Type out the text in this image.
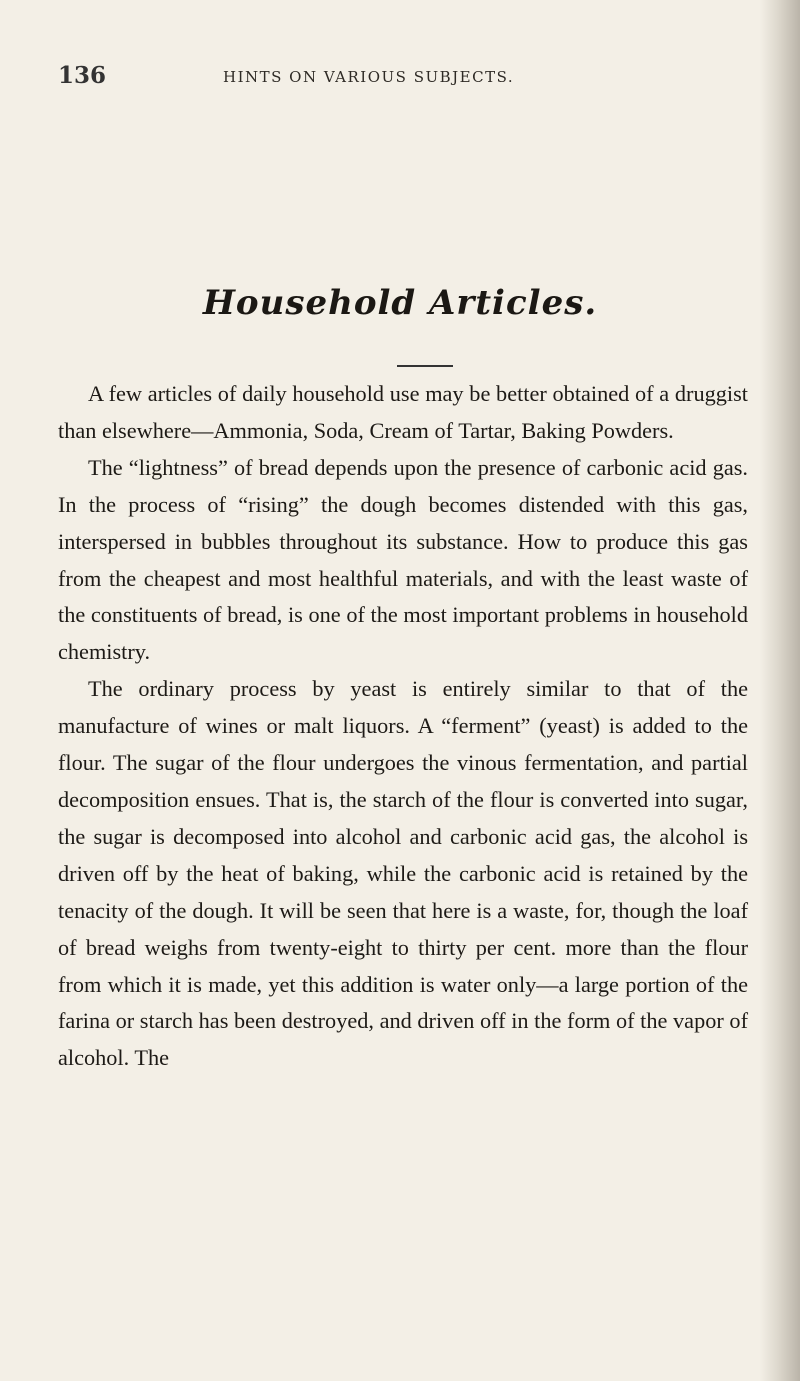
136	HINTS ON VARIOUS SUBJECTS.
Household Articles.

A few articles of daily household use may be better obtained of a druggist than elsewhere—Ammonia, Soda, Cream of Tartar, Baking Powders.

The “lightness” of bread depends upon the presence of carbonic acid gas. In the process of “rising” the dough becomes distended with this gas, interspersed in bubbles throughout its substance. How to produce this gas from the cheapest and most healthful materials, and with the least waste of the constituents of bread, is one of the most important problems in household chemistry.

The ordinary process by yeast is entirely similar to that of the manufacture of wines or malt liquors. A “ferment” (yeast) is added to the flour. The sugar of the flour undergoes the vinous fermentation, and partial decomposition ensues. That is, the starch of the flour is converted into sugar, the sugar is decomposed into alcohol and carbonic acid gas, the alcohol is driven off by the heat of baking, while the carbonic acid is retained by the tenacity of the dough. It will be seen that here is a waste, for, though the loaf of bread weighs from twenty-eight to thirty per cent. more than the flour from which it is made, yet this addition is water only—a large portion of the farina or starch has been destroyed, and driven off in the form of the vapor of alcohol. The
